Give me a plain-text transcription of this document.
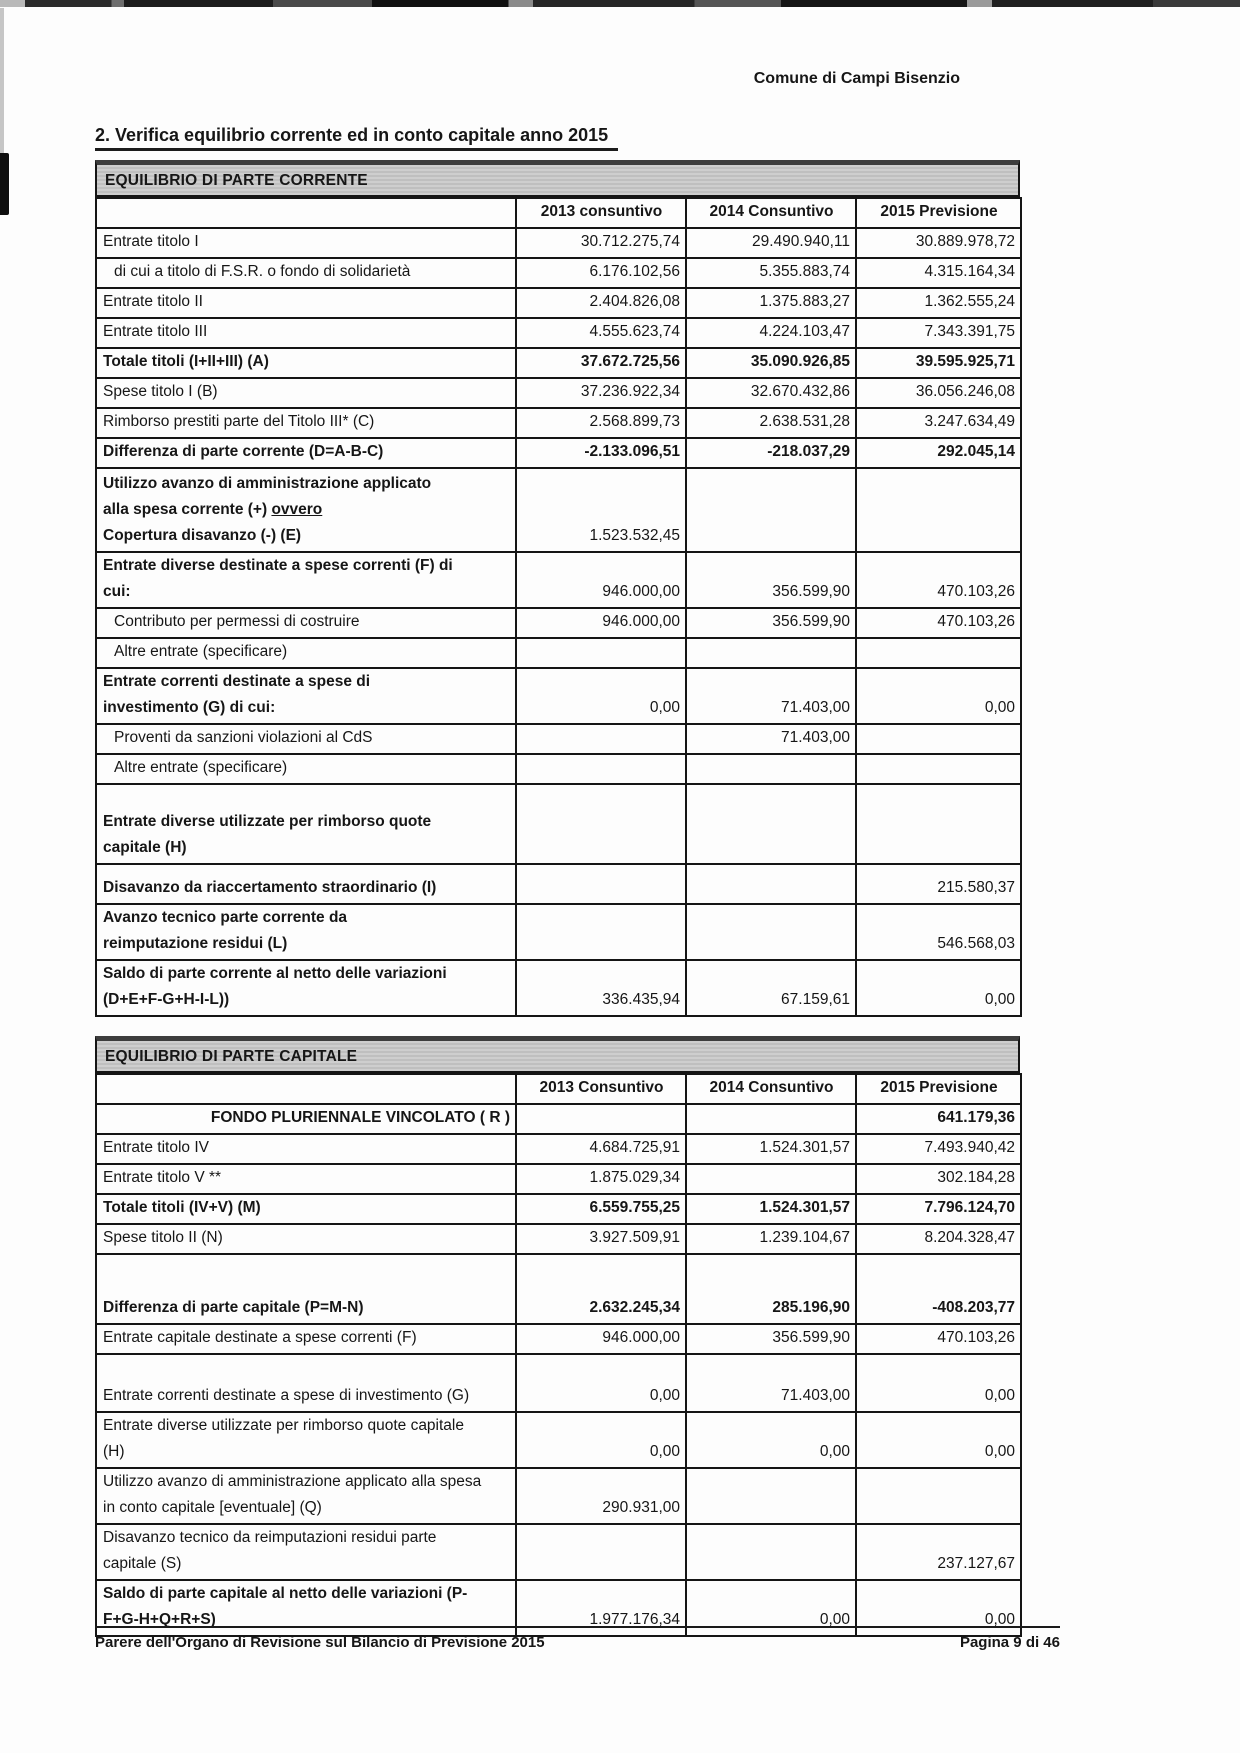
Comune di Campi Bisenzio
2. Verifica equilibrio corrente ed in conto capitale anno 2015
EQUILIBRIO DI PARTE CORRENTE
	2013 consuntivo	2014 Consuntivo	2015 Previsione
Entrate titolo I	30.712.275,74	29.490.940,11	30.889.978,72
di cui a titolo di F.S.R. o fondo di solidarietà	6.176.102,56	5.355.883,74	4.315.164,34
Entrate titolo II	2.404.826,08	1.375.883,27	1.362.555,24
Entrate titolo III	4.555.623,74	4.224.103,47	7.343.391,75
Totale titoli (I+II+III) (A)	37.672.725,56	35.090.926,85	39.595.925,71
Spese titolo I (B)	37.236.922,34	32.670.432,86	36.056.246,08
Rimborso prestiti parte del Titolo III* (C)	2.568.899,73	2.638.531,28	3.247.634,49
Differenza di parte corrente (D=A-B-C)	-2.133.096,51	-218.037,29	292.045,14
Utilizzo avanzo di amministrazione applicato
alla spesa corrente (+) ovvero
Copertura disavanzo (-) (E)	1.523.532,45		
Entrate diverse destinate a spese correnti (F) di
cui:	946.000,00	356.599,90	470.103,26
Contributo per permessi di costruire	946.000,00	356.599,90	470.103,26
Altre entrate (specificare)			
Entrate correnti destinate a spese di
investimento (G) di cui:	0,00	71.403,00	0,00
Proventi da sanzioni violazioni al CdS		71.403,00	
Altre entrate (specificare)			
Entrate diverse utilizzate per rimborso quote
capitale (H)			
Disavanzo da riaccertamento straordinario (I)			215.580,37
Avanzo tecnico parte corrente da
reimputazione residui (L)			546.568,03
Saldo di parte corrente al netto delle variazioni
(D+E+F-G+H-I-L))	336.435,94	67.159,61	0,00
EQUILIBRIO DI PARTE CAPITALE
	2013 Consuntivo	2014 Consuntivo	2015 Previsione
FONDO PLURIENNALE VINCOLATO ( R )			641.179,36
Entrate titolo IV	4.684.725,91	1.524.301,57	7.493.940,42
Entrate titolo V **	1.875.029,34		302.184,28
Totale titoli (IV+V) (M)	6.559.755,25	1.524.301,57	7.796.124,70
Spese titolo II (N)	3.927.509,91	1.239.104,67	8.204.328,47
Differenza di parte capitale (P=M-N)	2.632.245,34	285.196,90	-408.203,77
Entrate capitale destinate a spese correnti (F)	946.000,00	356.599,90	470.103,26
Entrate correnti destinate a spese di investimento (G)	0,00	71.403,00	0,00
Entrate diverse utilizzate per rimborso quote capitale
(H)	0,00	0,00	0,00
Utilizzo avanzo di amministrazione applicato alla spesa
in conto capitale [eventuale] (Q)	290.931,00		
Disavanzo tecnico da reimputazioni residui parte
capitale (S)			237.127,67
Saldo di parte capitale al netto delle variazioni (P-
F+G-H+Q+R+S)	1.977.176,34	0,00	0,00
Parere dell'Organo di Revisione sul Bilancio di Previsione 2015	Pagina 9 di 46
